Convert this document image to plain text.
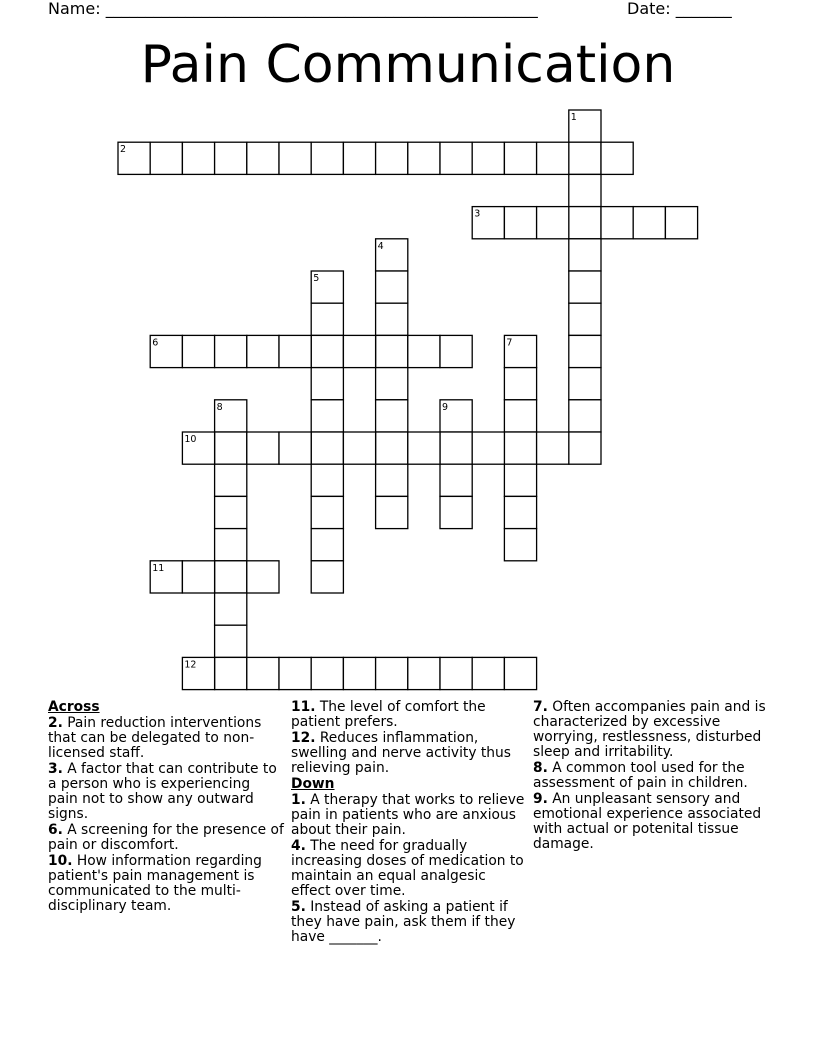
Name: ______________________________________________________	Date: _______
Pain Communication
1
2
3
4
5
6	7
8	9
10
11
12
Across
2. Pain reduction interventions that can be delegated to non-licensed staff.
3. A factor that can contribute to a person who is experiencing pain not to show any outward signs.
6. A screening for the presence of pain or discomfort.
10. How information regarding patient's pain management is communicated to the multi-disciplinary team.
11. The level of comfort the patient prefers.
12. Reduces inflammation, swelling and nerve activity thus relieving pain.
Down
1. A therapy that works to relieve pain in patients who are anxious about their pain.
4. The need for gradually increasing doses of medication to maintain an equal analgesic effect over time.
5. Instead of asking a patient if they have pain, ask them if they have _______.
7. Often accompanies pain and is characterized by excessive worrying, restlessness, disturbed sleep and irritability.
8. A common tool used for the assessment of pain in children.
9. An unpleasant sensory and emotional experience associated with actual or potenital tissue damage.
